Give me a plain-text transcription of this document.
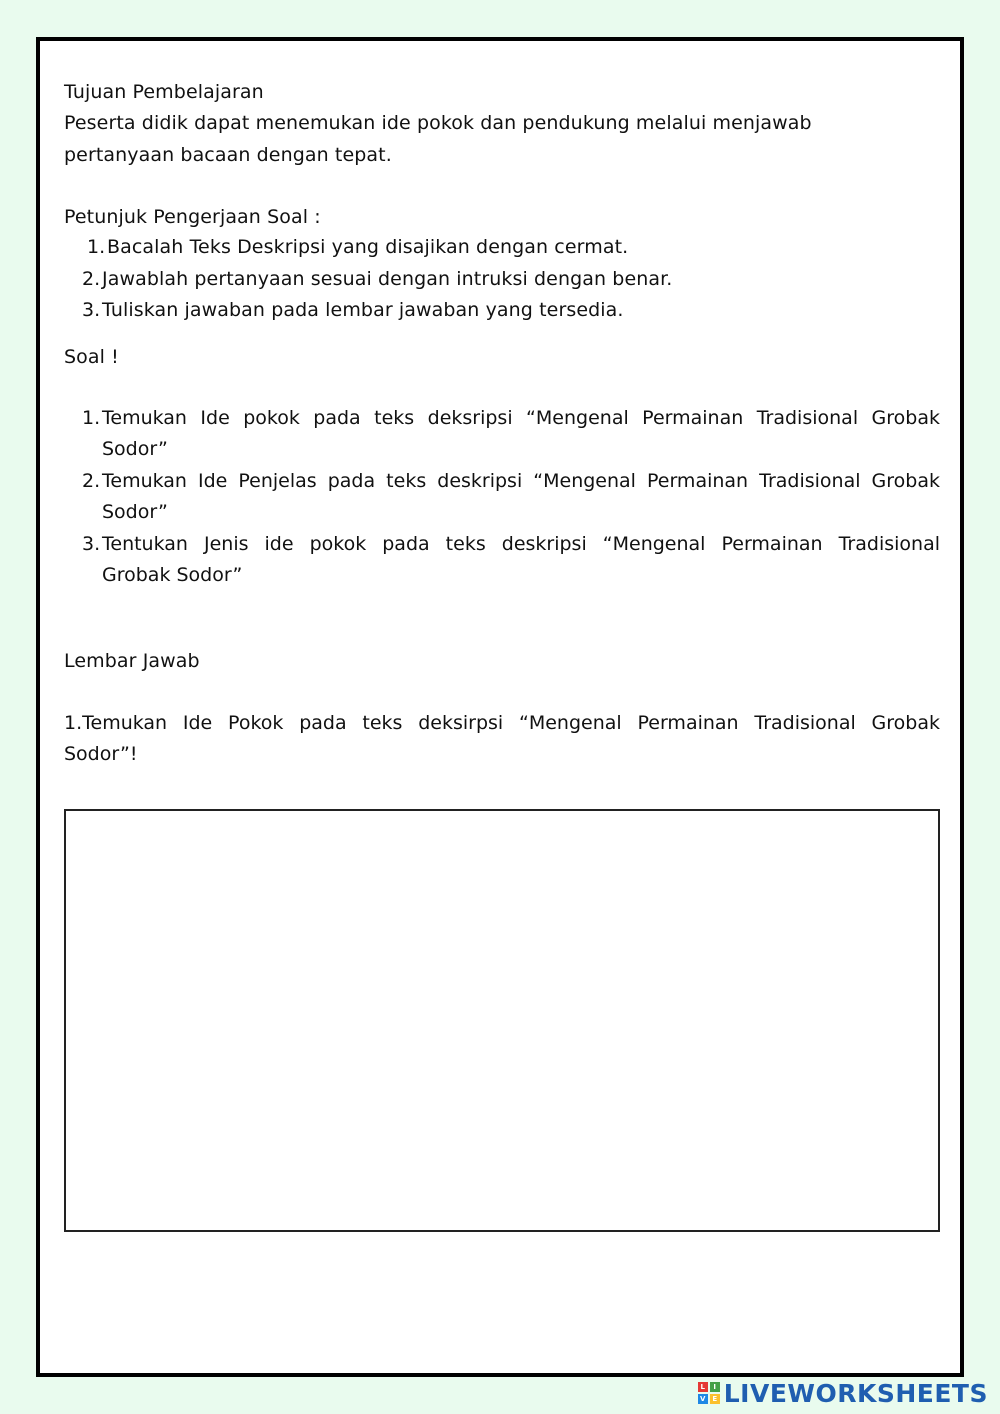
Tujuan Pembelajaran
Peserta didik dapat menemukan ide pokok dan pendukung melalui menjawab
pertanyaan bacaan dengan tepat.
Petunjuk Pengerjaan Soal :
1. Bacalah Teks Deskripsi yang disajikan dengan cermat.
2. Jawablah pertanyaan sesuai dengan intruksi dengan benar.
3. Tuliskan jawaban pada lembar jawaban yang tersedia.
Soal !
1. Temukan Ide pokok pada teks deksripsi “Mengenal Permainan Tradisional Grobak
Sodor”
2. Temukan Ide Penjelas pada teks deskripsi “Mengenal Permainan Tradisional Grobak
Sodor”
3. Tentukan Jenis ide pokok pada teks deskripsi “Mengenal Permainan Tradisional
Grobak Sodor”
Lembar Jawab
1.Temukan Ide Pokok pada teks deksirpsi “Mengenal Permainan Tradisional Grobak
Sodor”!
L	I
V E LIVEWORKSHEETS
